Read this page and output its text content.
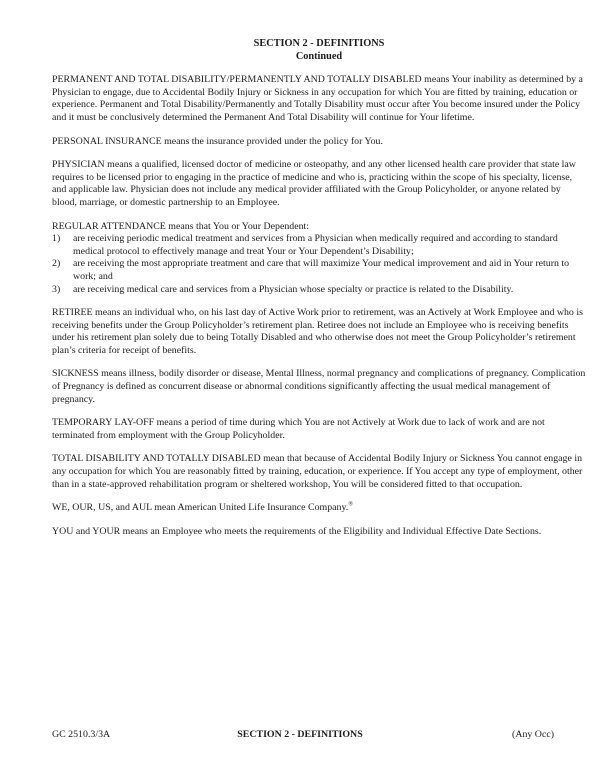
SECTION 2 - DEFINITIONS
Continued

PERMANENT AND TOTAL DISABILITY/PERMANENTLY AND TOTALLY DISABLED means Your inability as determined by a Physician to engage, due to Accidental Bodily Injury or Sickness in any occupation for which You are fitted by training, education or experience. Permanent and Total Disability/Permanently and Totally Disability must occur after You become insured under the Policy and it must be conclusively determined the Permanent And Total Disability will continue for Your lifetime.

PERSONAL INSURANCE means the insurance provided under the policy for You.

PHYSICIAN means a qualified, licensed doctor of medicine or osteopathy, and any other licensed health care provider that state law requires to be licensed prior to engaging in the practice of medicine and who is, practicing within the scope of his specialty, license, and applicable law. Physician does not include any medical provider affiliated with the Group Policyholder, or anyone related by blood, marriage, or domestic partnership to an Employee.

REGULAR ATTENDANCE means that You or Your Dependent:

1)	are receiving periodic medical treatment and services from a Physician when medically required and according to standard medical protocol to effectively manage and treat Your or Your Dependent’s Disability;
2)	are receiving the most appropriate treatment and care that will maximize Your medical improvement and aid in Your return to work; and
3)	are receiving medical care and services from a Physician whose specialty or practice is related to the Disability.

RETIREE means an individual who, on his last day of Active Work prior to retirement, was an Actively at Work Employee and who is receiving benefits under the Group Policyholder’s retirement plan. Retiree does not include an Employee who is receiving benefits under his retirement plan solely due to being Totally Disabled and who otherwise does not meet the Group Policyholder’s retirement plan’s criteria for receipt of benefits.

SICKNESS means illness, bodily disorder or disease, Mental Illness, normal pregnancy and complications of pregnancy. Complication of Pregnancy is defined as concurrent disease or abnormal conditions significantly affecting the usual medical management of pregnancy.

TEMPORARY LAY-OFF means a period of time during which You are not Actively at Work due to lack of work and are not terminated from employment with the Group Policyholder.

TOTAL DISABILITY AND TOTALLY DISABLED mean that because of Accidental Bodily Injury or Sickness You cannot engage in any occupation for which You are reasonably fitted by training, education, or experience. If You accept any type of employment, other than in a state-approved rehabilitation program or sheltered workshop, You will be considered fitted to that occupation.

WE, OUR, US, and AUL mean American United Life Insurance Company.®

YOU and YOUR means an Employee who meets the requirements of the Eligibility and Individual Effective Date Sections.

SECTION 2 - DEFINITIONS
GC 2510.3/3A	(Any Occ)
